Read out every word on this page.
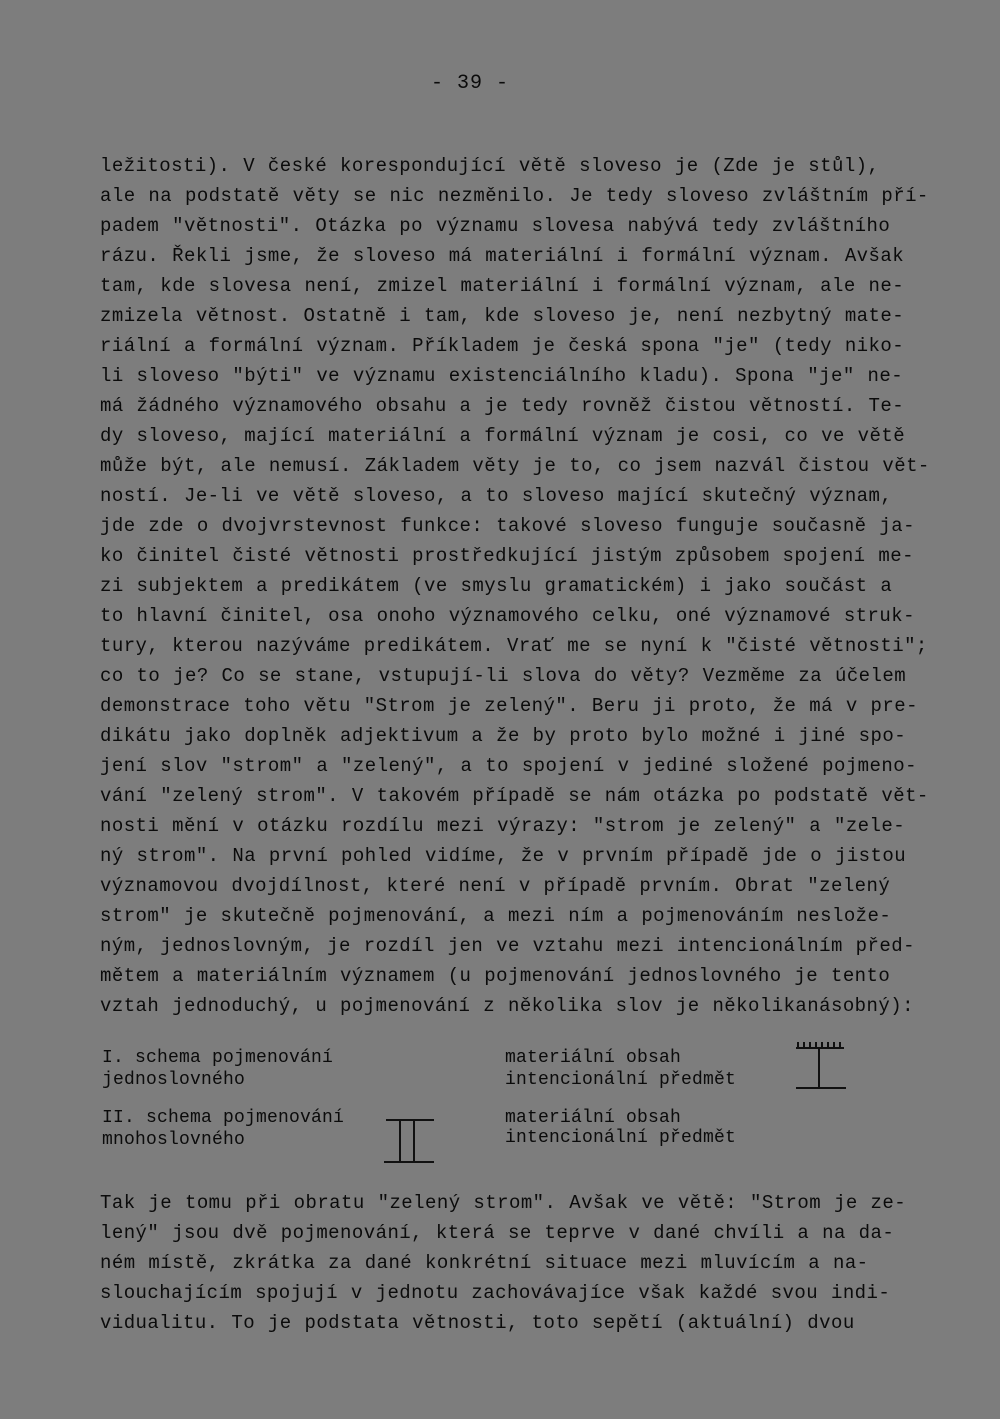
- 39 -
ležitosti). V české korespondující větě sloveso je (Zde je stůl),
ale na podstatě věty se nic nezměnilo. Je tedy sloveso zvláštním pří-
padem "větnosti". Otázka po významu slovesa nabývá tedy zvláštního
rázu. Řekli jsme, že sloveso má materiální i formální význam. Avšak
tam, kde slovesa není, zmizel materiální i formální význam, ale ne-
zmizela větnost. Ostatně i tam, kde sloveso je, není nezbytný mate-
riální a formální význam. Příkladem je česká spona "je" (tedy niko-
li sloveso "býti" ve významu existenciálního kladu). Spona "je" ne-
má žádného významového obsahu a je tedy rovněž čistou větností. Te-
dy sloveso, mající materiální a formální význam je cosi, co ve větě
může být, ale nemusí. Základem věty je to, co jsem nazvál čistou vět-
ností. Je-li ve větě sloveso, a to sloveso mající skutečný význam,
jde zde o dvojvrstevnost funkce: takové sloveso funguje současně ja-
ko činitel čisté větnosti prostředkující jistým způsobem spojení me-
zi subjektem a predikátem (ve smyslu gramatickém) i jako součást a
to hlavní činitel, osa onoho významového celku, oné významové struk-
tury, kterou nazýváme predikátem. Vrať me se nyní k "čisté větnosti";
co to je? Co se stane, vstupují-li slova do věty? Vezměme za účelem
demonstrace toho větu "Strom je zelený". Beru ji proto, že má v pre-
dikátu jako doplněk adjektivum a že by proto bylo možné i jiné spo-
jení slov "strom" a "zelený", a to spojení v jediné složené pojmeno-
vání "zelený strom". V takovém případě se nám otázka po podstatě vět-
nosti mění v otázku rozdílu mezi výrazy: "strom je zelený" a "zele-
ný strom". Na první pohled vidíme, že v prvním případě jde o jistou
významovou dvojdílnost, které není v případě prvním. Obrat "zelený
strom" je skutečně pojmenování, a mezi ním a pojmenováním neslože-
ným, jednoslovným, je rozdíl jen ve vztahu mezi intencionálním před-
mětem a materiálním významem (u pojmenování jednoslovného je tento
vztah jednoduchý, u pojmenování z několika slov je několikanásobný):
I. schema pojmenování
jednoslovného
materiální obsah
intencionální předmět
II. schema pojmenování
mnohoslovného
materiální obsah
intencionální předmět
Tak je tomu při obratu "zelený strom". Avšak ve větě: "Strom je ze-
lený" jsou dvě pojmenování, která se teprve v dané chvíli a na da-
ném místě, zkrátka za dané konkrétní situace mezi mluvícím a na-
slouchajícím spojují v jednotu zachovávajíce však každé svou indi-
vidualitu. To je podstata větnosti, toto sepětí (aktuální) dvou
